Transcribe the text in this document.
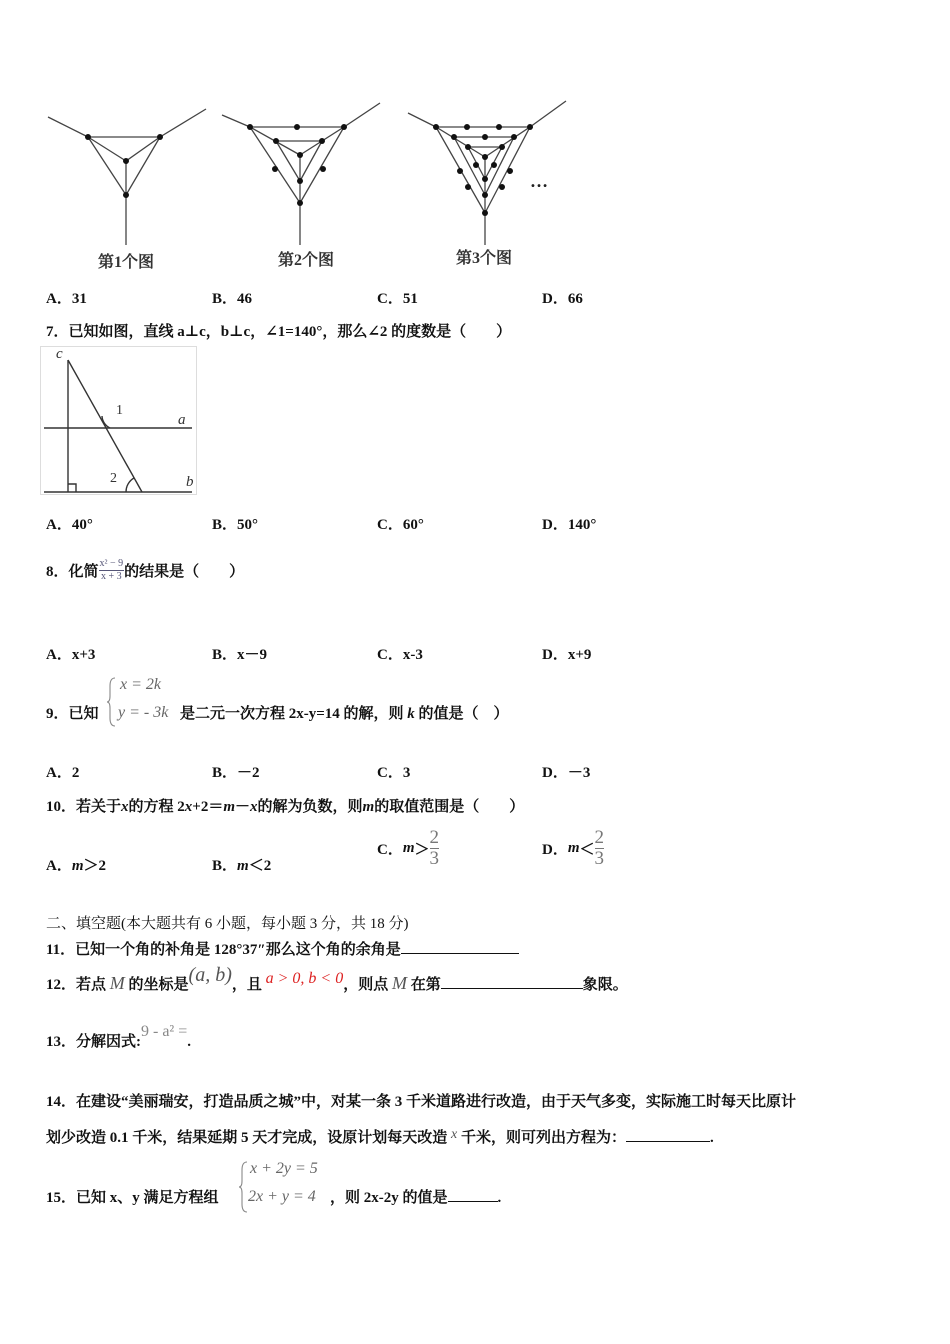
第1个图	第2个图	第3个图
…
A．31	B．46	C．51	D．66
7．已知如图，直线 a⊥c，b⊥c，∠1=140°，那么∠2 的度数是（　　）
c
a
b
1
2
A．40°	B．50°	C．60°	D．140°
8．化简 $\frac{\text{x² − 9}}{x + 3}$ 的结果是（　　）
A．x+3	B．x－9	C．x-3	D．x+9
9．已知
x = 2k
y = - 3k 是二元一次方程 2x-y=14 的解，则 k 的值是（　）
A．2	B．－2	C．3	D．－3
10．若关于x的方程 2x+2＝m－x的解为负数，则m的取值范围是（　　）
A．m＞2	B．m＜2
C．$m> \frac{2}{3}$	D．$m< \frac{2}{3}$
二、填空题(本大题共有 6 小题，每小题 3 分，共 18 分)
11．已知一个角的补角是 128°37″那么这个角的余角是
12．若点 M 的坐标是(a, b)，且 a > 0, b < 0，则点 M 在第	象限。
13．分解因式:9 - a² =.
14．在建设“美丽瑞安，打造品质之城”中，对某一条 3 千米道路进行改造，由于天气多变，实际施工时每天比原计
划少改造 0.1 千米，结果延期 5 天才完成，设原计划每天改造 x 千米，则可列出方程为：	.
15．已知 x、y 满足方程组
x + 2y = 5
2x + y = 4 ，则 2x-2y 的值是	.
